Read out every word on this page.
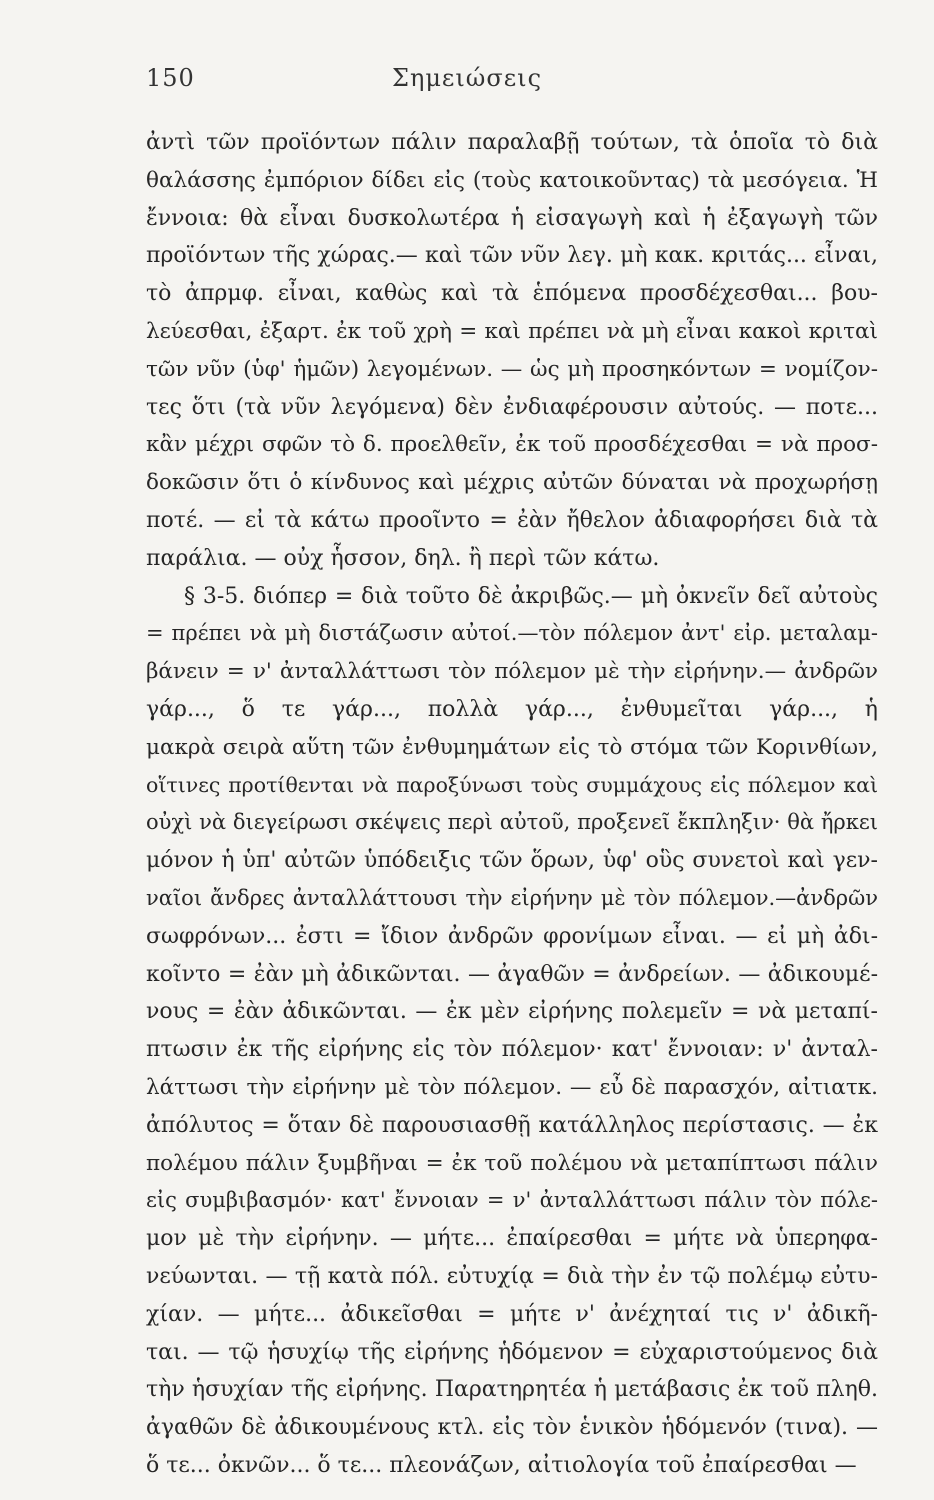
150	Σημειώσεις
ἀντὶ τῶν προϊόντων πάλιν παραλαβῇ τούτων, τὰ ὁποῖα τὸ διὰ
θαλάσσης ἐμπόριον δίδει εἰς (τοὺς κατοικοῦντας) τὰ μεσόγεια. Ἡ
ἔννοια: θὰ εἶναι δυσκολωτέρα ἡ εἰσαγωγὴ καὶ ἡ ἐξαγωγὴ τῶν
προϊόντων τῆς χώρας.— καὶ τῶν νῦν λεγ. μὴ κακ. κριτάς... εἶναι,
τὸ ἀπρμφ. εἶναι, καθὼς καὶ τὰ ἑπόμενα προσδέχεσθαι... βου-
λεύεσθαι, ἐξαρτ. ἐκ τοῦ χρὴ = καὶ πρέπει νὰ μὴ εἶναι κακοὶ κριταὶ
τῶν νῦν (ὑφ' ἡμῶν) λεγομένων. — ὡς μὴ προσηκόντων = νομίζον-
τες ὅτι (τὰ νῦν λεγόμενα) δὲν ἐνδιαφέρουσιν αὐτούς. — ποτε...
κἂν μέχρι σφῶν τὸ δ. προελθεῖν, ἐκ τοῦ προσδέχεσθαι = νὰ προσ-
δοκῶσιν ὅτι ὁ κίνδυνος καὶ μέχρις αὐτῶν δύναται νὰ προχωρήσῃ
ποτέ. — εἰ τὰ κάτω προοῖντο = ἐὰν ἤθελον ἀδιαφορήσει διὰ τὰ
παράλια. — οὐχ ἧσσον, δηλ. ἢ περὶ τῶν κάτω.
§ 3-5. διόπερ = διὰ τοῦτο δὲ ἀκριβῶς.— μὴ ὀκνεῖν δεῖ αὐτοὺς
= πρέπει νὰ μὴ διστάζωσιν αὐτοί.—τὸν πόλεμον ἀντ' εἰρ. μεταλαμ-
βάνειν = ν' ἀνταλλάττωσι τὸν πόλεμον μὲ τὴν εἰρήνην.— ἀνδρῶν
γάρ..., ὅ τε γάρ..., πολλὰ γάρ..., ἐνθυμεῖται γάρ..., ἡ
μακρὰ σειρὰ αὕτη τῶν ἐνθυμημάτων εἰς τὸ στόμα τῶν Κορινθίων,
οἵτινες προτίθενται νὰ παροξύνωσι τοὺς συμμάχους εἰς πόλεμον καὶ
οὐχὶ νὰ διεγείρωσι σκέψεις περὶ αὐτοῦ, προξενεῖ ἔκπληξιν· θὰ ἤρκει
μόνον ἡ ὑπ' αὐτῶν ὑπόδειξις τῶν ὅρων, ὑφ' οὓς συνετοὶ καὶ γεν-
ναῖοι ἄνδρες ἀνταλλάττουσι τὴν εἰρήνην μὲ τὸν πόλεμον.—ἀνδρῶν
σωφρόνων... ἐστι = ἴδιον ἀνδρῶν φρονίμων εἶναι. — εἰ μὴ ἀδι-
κοῖντο = ἐὰν μὴ ἀδικῶνται. — ἀγαθῶν = ἀνδρείων. — ἀδικουμέ-
νους = ἐὰν ἀδικῶνται. — ἐκ μὲν εἰρήνης πολεμεῖν = νὰ μεταπί-
πτωσιν ἐκ τῆς εἰρήνης εἰς τὸν πόλεμον· κατ' ἔννοιαν: ν' ἀνταλ-
λάττωσι τὴν εἰρήνην μὲ τὸν πόλεμον. — εὖ δὲ παρασχόν, αἰτιατκ.
ἀπόλυτος = ὅταν δὲ παρουσιασθῇ κατάλληλος περίστασις. — ἐκ
πολέμου πάλιν ξυμβῆναι = ἐκ τοῦ πολέμου νὰ μεταπίπτωσι πάλιν
εἰς συμβιβασμόν· κατ' ἔννοιαν = ν' ἀνταλλάττωσι πάλιν τὸν πόλε-
μον μὲ τὴν εἰρήνην. — μήτε... ἐπαίρεσθαι = μήτε νὰ ὑπερηφα-
νεύωνται. — τῇ κατὰ πόλ. εὐτυχίᾳ = διὰ τὴν ἐν τῷ πολέμῳ εὐτυ-
χίαν. — μήτε... ἀδικεῖσθαι = μήτε ν' ἀνέχηταί τις ν' ἀδικῆ-
ται. — τῷ ἡσυχίῳ τῆς εἰρήνης ἡδόμενον = εὐχαριστούμενος διὰ
τὴν ἡσυχίαν τῆς εἰρήνης. Παρατηρητέα ἡ μετάβασις ἐκ τοῦ πληθ.
ἀγαθῶν δὲ ἀδικουμένους κτλ. εἰς τὸν ἑνικὸν ἡδόμενόν (τινα). —
ὅ τε... ὀκνῶν... ὅ τε... πλεονάζων, αἰτιολογία τοῦ ἐπαίρεσθαι —
